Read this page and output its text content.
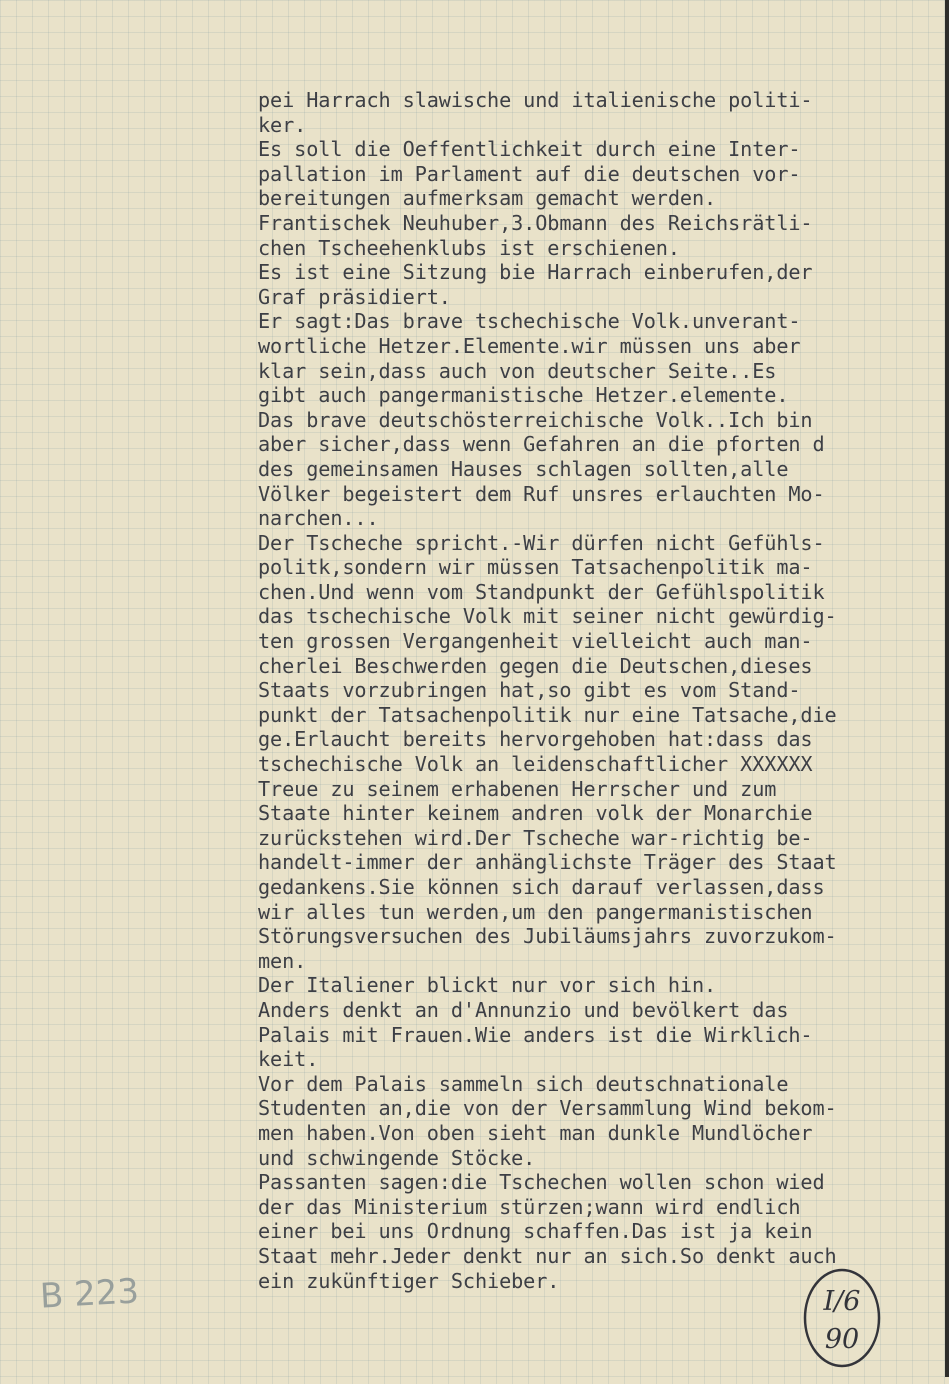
pei Harrach slawische und italienische politi-
ker.
Es soll die Oeffentlichkeit durch eine Inter-
pallation im Parlament auf die deutschen vor-
bereitungen aufmerksam gemacht werden.
Frantischek Neuhuber,3.Obmann des Reichsrätli-
chen Tscheehenklubs ist erschienen.
Es ist eine Sitzung bie Harrach einberufen,der
Graf präsidiert.
Er sagt:Das brave tschechische Volk.unverant-
wortliche Hetzer.Elemente.wir müssen uns aber
klar sein,dass auch von deutscher Seite..Es
gibt auch pangermanistische Hetzer.elemente.
Das brave deutschösterreichische Volk..Ich bin
aber sicher,dass wenn Gefahren an die pforten d
des gemeinsamen Hauses schlagen sollten,alle
Völker begeistert dem Ruf unsres erlauchten Mo-
narchen...
Der Tscheche spricht.-Wir dürfen nicht Gefühls-
politk,sondern wir müssen Tatsachenpolitik ma-
chen.Und wenn vom Standpunkt der Gefühlspolitik
das tschechische Volk mit seiner nicht gewürdig-
ten grossen Vergangenheit vielleicht auch man-
cherlei Beschwerden gegen die Deutschen,dieses
Staats vorzubringen hat,so gibt es vom Stand-
punkt der Tatsachenpolitik nur eine Tatsache,die
ge.Erlaucht bereits hervorgehoben hat:dass das
tschechische Volk an leidenschaftlicher XXXXXX
Treue zu seinem erhabenen Herrscher und zum
Staate hinter keinem andren volk der Monarchie
zurückstehen wird.Der Tscheche war-richtig be-
handelt-immer der anhänglichste Träger des Staat
gedankens.Sie können sich darauf verlassen,dass
wir alles tun werden,um den pangermanistischen
Störungsversuchen des Jubiläumsjahrs zuvorzukom-
men.
Der Italiener blickt nur vor sich hin.
Anders denkt an d'Annunzio und bevölkert das
Palais mit Frauen.Wie anders ist die Wirklich-
keit.
Vor dem Palais sammeln sich deutschnationale
Studenten an,die von der Versammlung Wind bekom-
men haben.Von oben sieht man dunkle Mundlöcher
und schwingende Stöcke.
Passanten sagen:die Tschechen wollen schon wied
der das Ministerium stürzen;wann wird endlich
einer bei uns Ordnung schaffen.Das ist ja kein
Staat mehr.Jeder denkt nur an sich.So denkt auch
ein zukünftiger Schieber.
B 223	I/6
90
